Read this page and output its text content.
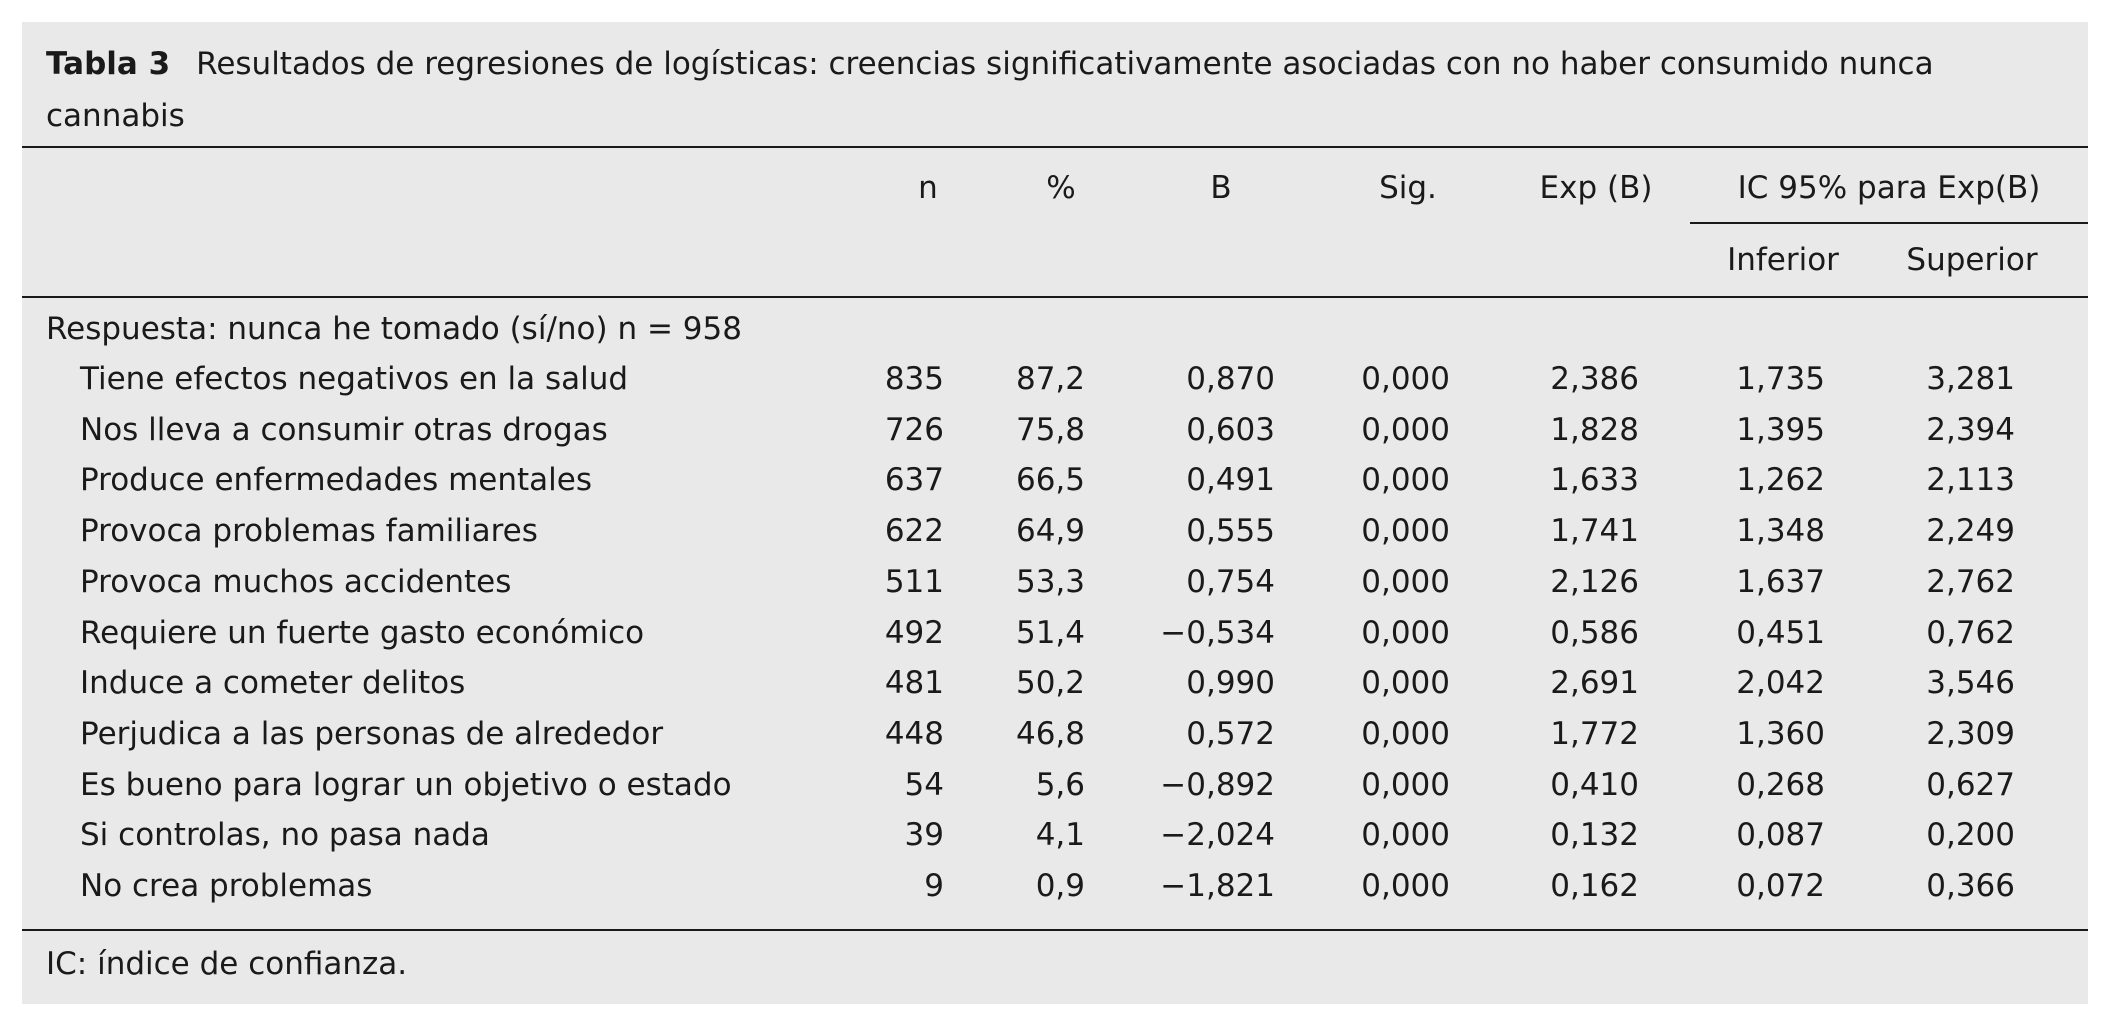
Tabla 3 Resultados de regresiones de logísticas: creencias significativamente asociadas con no haber consumido nunca cannabis
n	%	B	Sig.	Exp (B)	IC 95% para Exp(B)
Inferior Superior
Respuesta: nunca he tomado (sí/no) n = 958
Tiene efectos negativos en la salud	835 87,2	0,870	0,000	2,386	1,735	3,281
Nos lleva a consumir otras drogas	726 75,8	0,603	0,000	1,828	1,395	2,394
Produce enfermedades mentales	637 66,5	0,491	0,000	1,633	1,262	2,113
Provoca problemas familiares	622 64,9	0,555	0,000	1,741	1,348	2,249
Provoca muchos accidentes	511 53,3	0,754	0,000	2,126	1,637	2,762
Requiere un fuerte gasto económico	492 51,4 −0,534	0,000	0,586	0,451	0,762
Induce a cometer delitos	481 50,2	0,990	0,000	2,691	2,042	3,546
Perjudica a las personas de alrededor	448 46,8	0,572	0,000	1,772	1,360	2,309
Es bueno para lograr un objetivo o estado	54	5,6 −0,892	0,000	0,410	0,268	0,627
Si controlas, no pasa nada	39	4,1 −2,024	0,000	0,132	0,087	0,200
No crea problemas	9	0,9 −1,821	0,000	0,162	0,072	0,366
IC: índice de confianza.
